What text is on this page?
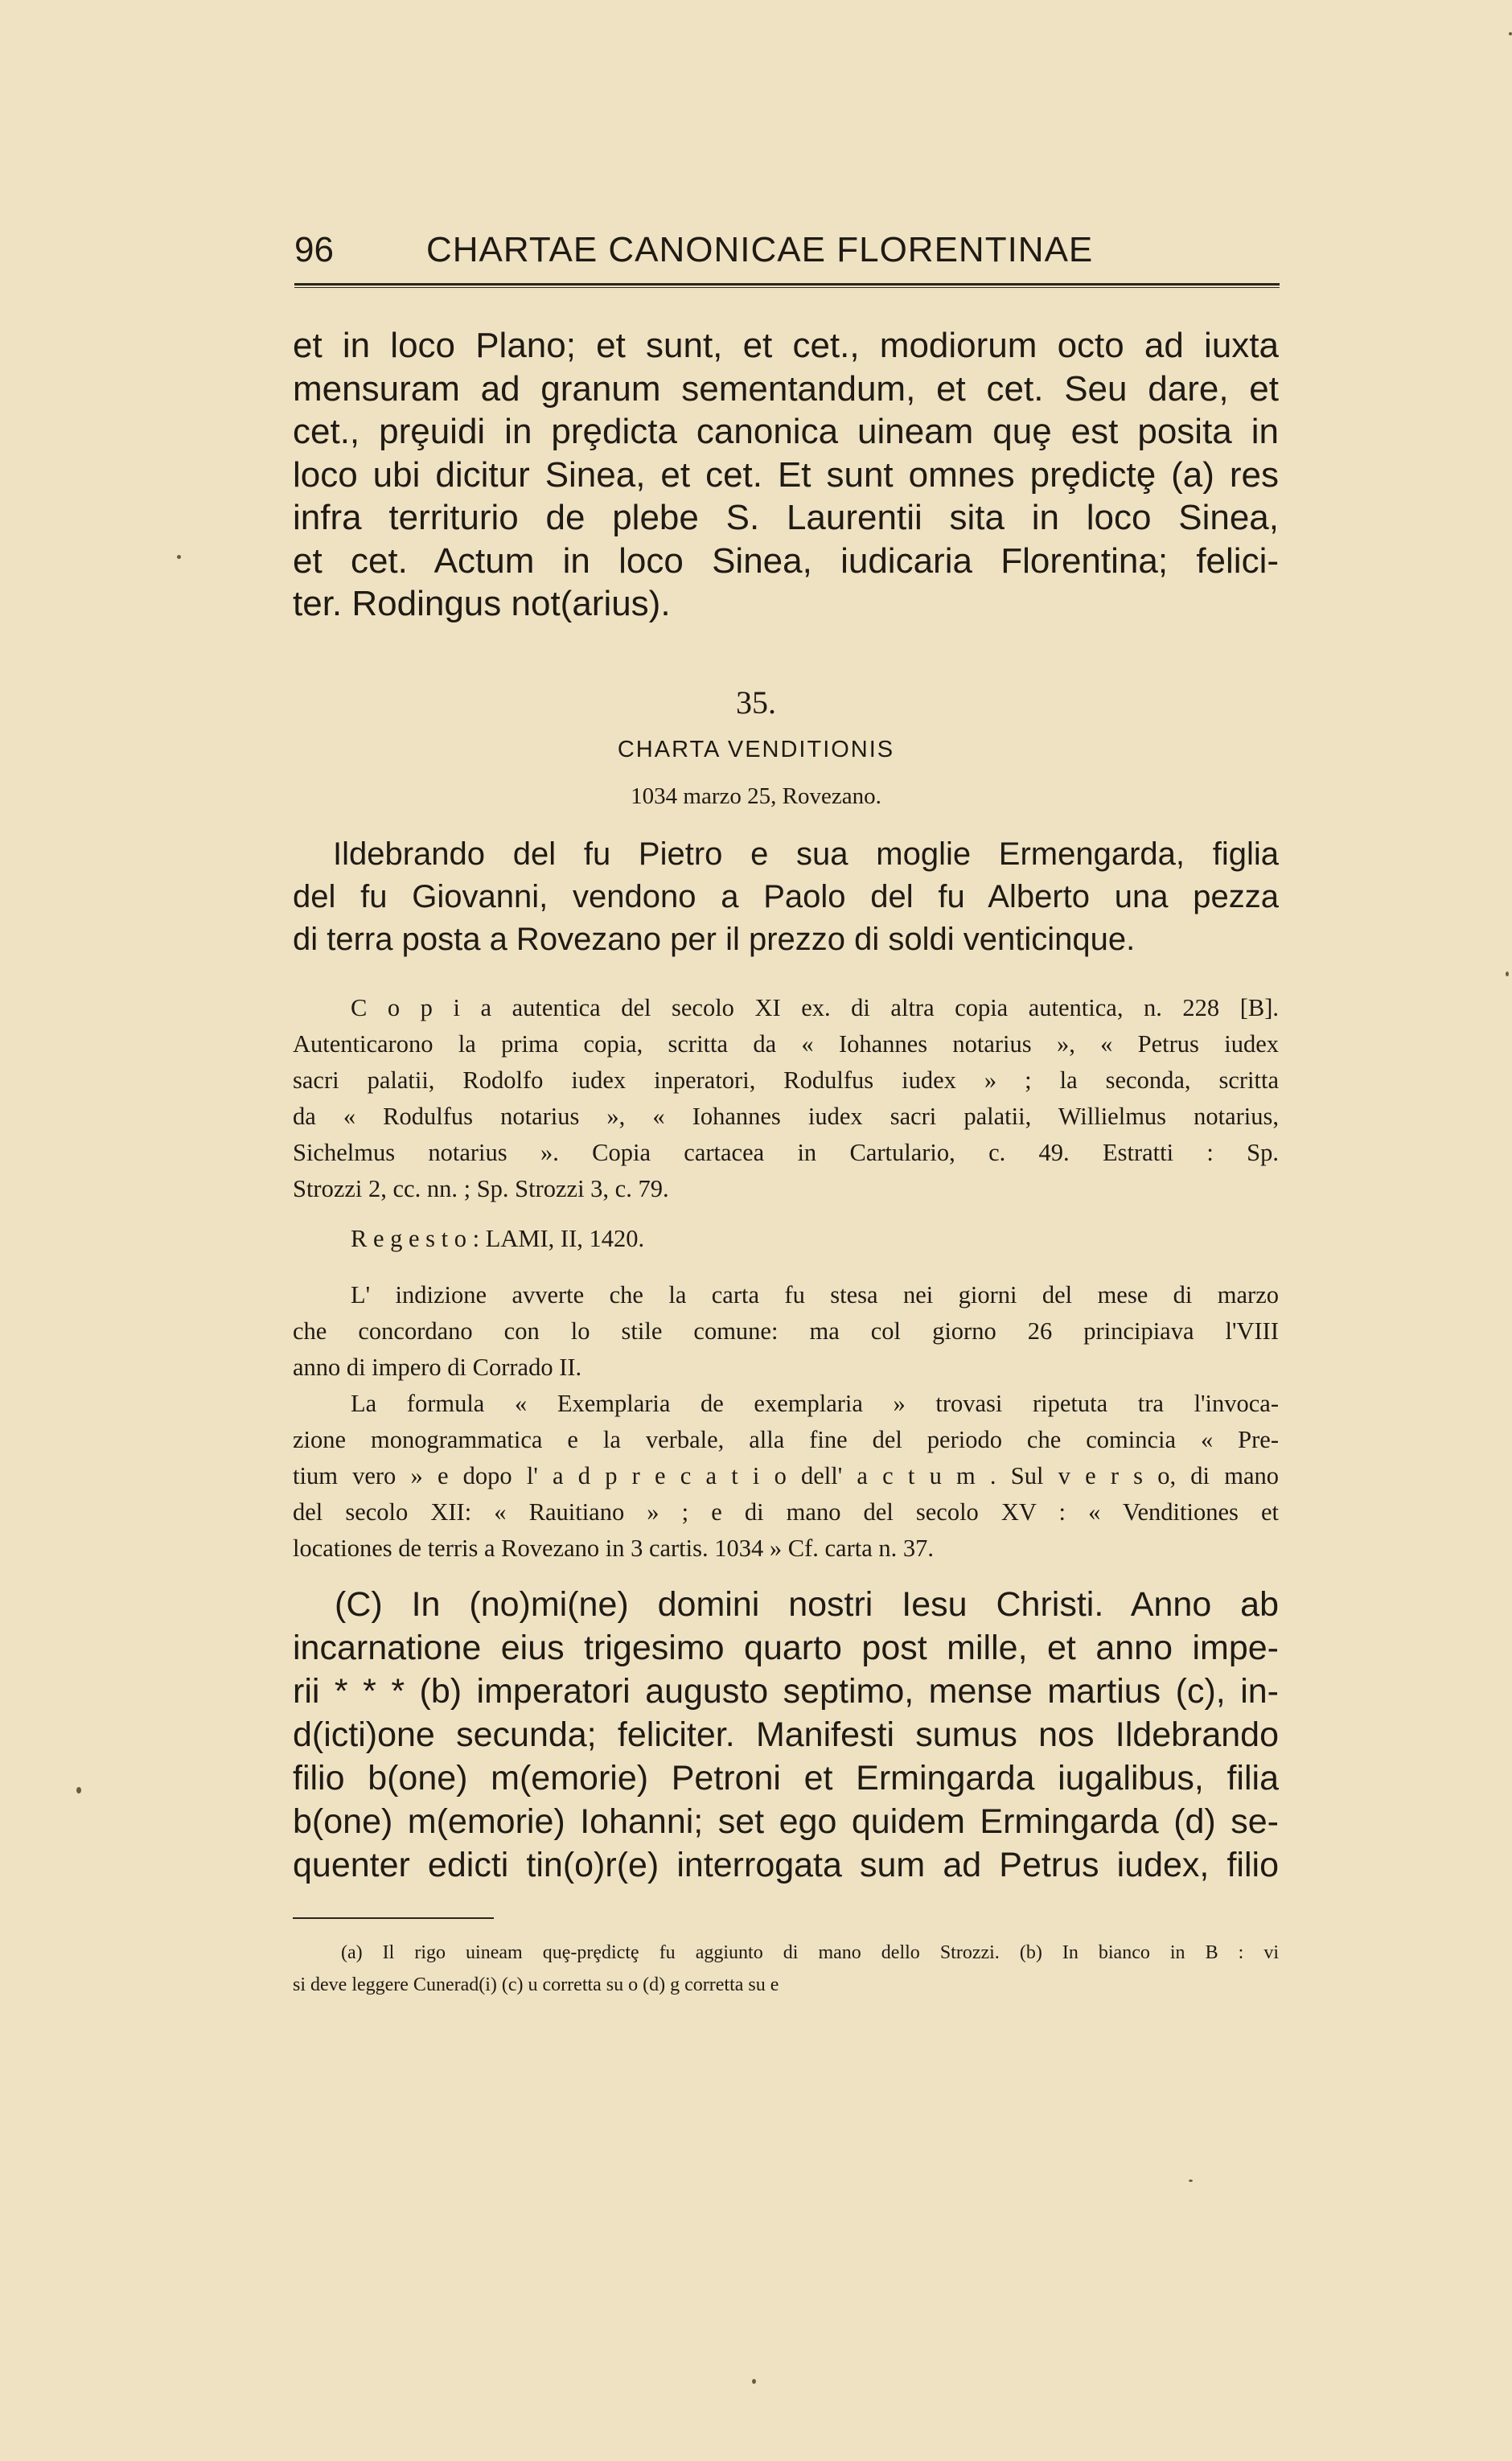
96	CHARTAE CANONICAE FLORENTINAE
et in loco Plano; et sunt, et cet., modiorum octo ad iuxta
mensuram ad granum sementandum, et cet. Seu dare, et
cet., prȩuidi in prȩdicta canonica uineam quȩ est posita in
loco ubi dicitur Sinea, et cet. Et sunt omnes prȩdictȩ (a) res
infra territurio de plebe S. Laurentii sita in loco Sinea,
et cet. Actum in loco Sinea, iudicaria Florentina; felici-
ter. Rodingus not(arius).
35.
CHARTA VENDITIONIS
1034 marzo 25, Rovezano.
Ildebrando del fu Pietro e sua moglie Ermengarda, figlia
del fu Giovanni, vendono a Paolo del fu Alberto una pezza
di terra posta a Rovezano per il prezzo di soldi venticinque.
C o p i a autentica del secolo XI ex. di altra copia autentica, n. 228 [B].
Autenticarono la prima copia, scritta da « Iohannes notarius », « Petrus iudex
sacri palatii, Rodolfo iudex inperatori, Rodulfus iudex » ; la seconda, scritta
da « Rodulfus notarius », « Iohannes iudex sacri palatii, Willielmus notarius,
Sichelmus notarius ». Copia cartacea in Cartulario, c. 49. Estratti : Sp.
Strozzi 2, cc. nn. ; Sp. Strozzi 3, c. 79.
R e g e s t o : LAMI, II, 1420.
L' indizione avverte che la carta fu stesa nei giorni del mese di marzo
che concordano con lo stile comune: ma col giorno 26 principiava l'VIII
anno di impero di Corrado II.
La formula « Exemplaria de exemplaria » trovasi ripetuta tra l'invoca-
zione monogrammatica e la verbale, alla fine del periodo che comincia « Pre-
tium vero » e dopo l' a d p r e c a t i o dell' a c t u m . Sul v e r s o, di mano
del secolo XII: « Rauitiano » ; e di mano del secolo XV : « Venditiones et
locationes de terris a Rovezano in 3 cartis. 1034 » Cf. carta n. 37.
(C) In (no)mi(ne) domini nostri Iesu Christi. Anno ab
incarnatione eius trigesimo quarto post mille, et anno impe-
rii * * * (b) imperatori augusto septimo, mense martius (c), in-
d(icti)one secunda; feliciter. Manifesti sumus nos Ildebrando
filio b(one) m(emorie) Petroni et Ermingarda iugalibus, filia
b(one) m(emorie) Iohanni; set ego quidem Ermingarda (d) se-
quenter edicti tin(o)r(e) interrogata sum ad Petrus iudex, filio
(a) Il rigo uineam quȩ-prȩdictȩ fu aggiunto di mano dello Strozzi. (b) In bianco in B : vi
si deve leggere Cunerad(i) (c) u corretta su o (d) g corretta su e
